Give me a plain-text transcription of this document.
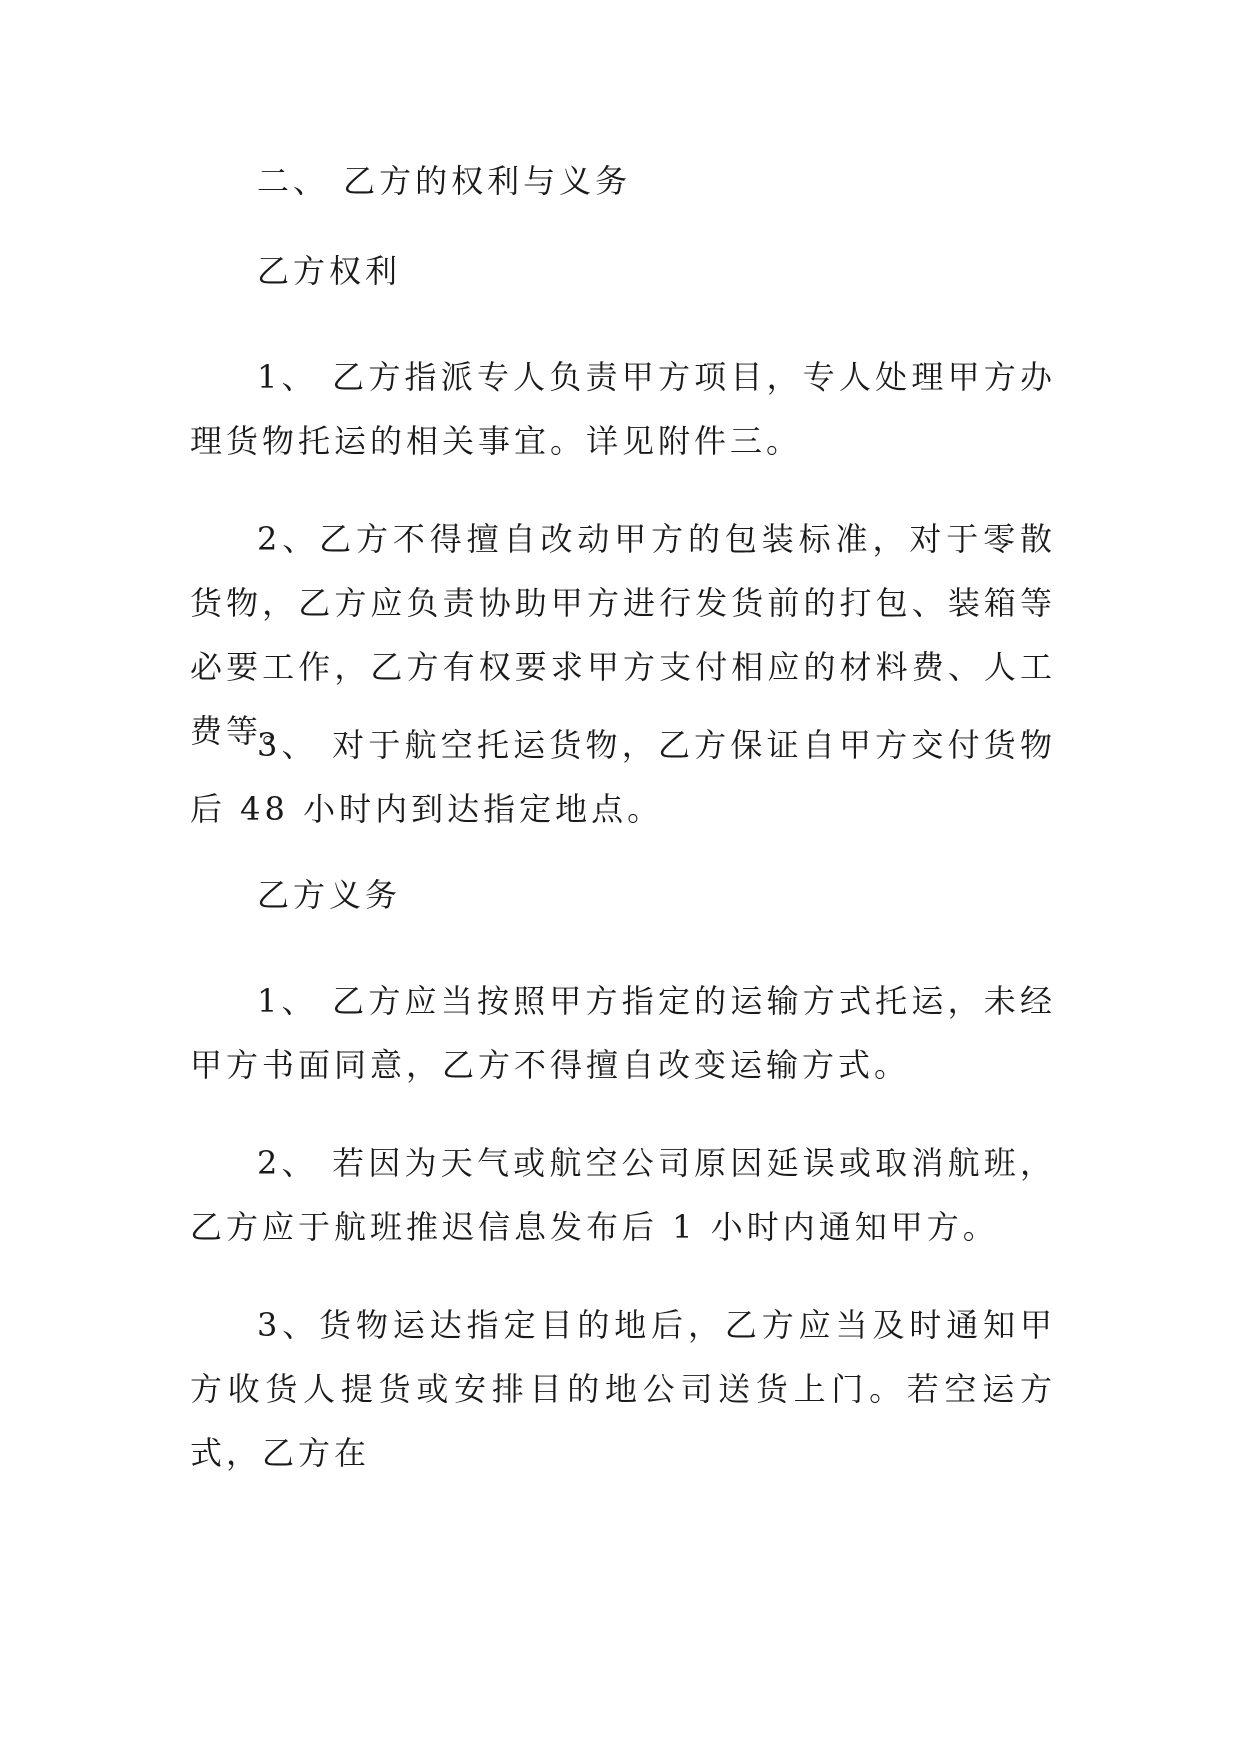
二、 乙方的权利与义务

乙方权利

1、 乙方指派专人负责甲方项目，专人处理甲方办理货物托运的相关事宜。详见附件三。

2、乙方不得擅自改动甲方的包装标准，对于零散货物，乙方应负责协助甲方进行发货前的打包、装箱等必要工作，乙方有权要求甲方支付相应的材料费、人工费等。

3、 对于航空托运货物，乙方保证自甲方交付货物后 48 小时内到达指定地点。

乙方义务

1、 乙方应当按照甲方指定的运输方式托运，未经甲方书面同意，乙方不得擅自改变运输方式。

2、 若因为天气或航空公司原因延误或取消航班，乙方应于航班推迟信息发布后 1 小时内通知甲方。

3、货物运达指定目的地后，乙方应当及时通知甲方收货人提货或安排目的地公司送货上门。若空运方式，乙方在
